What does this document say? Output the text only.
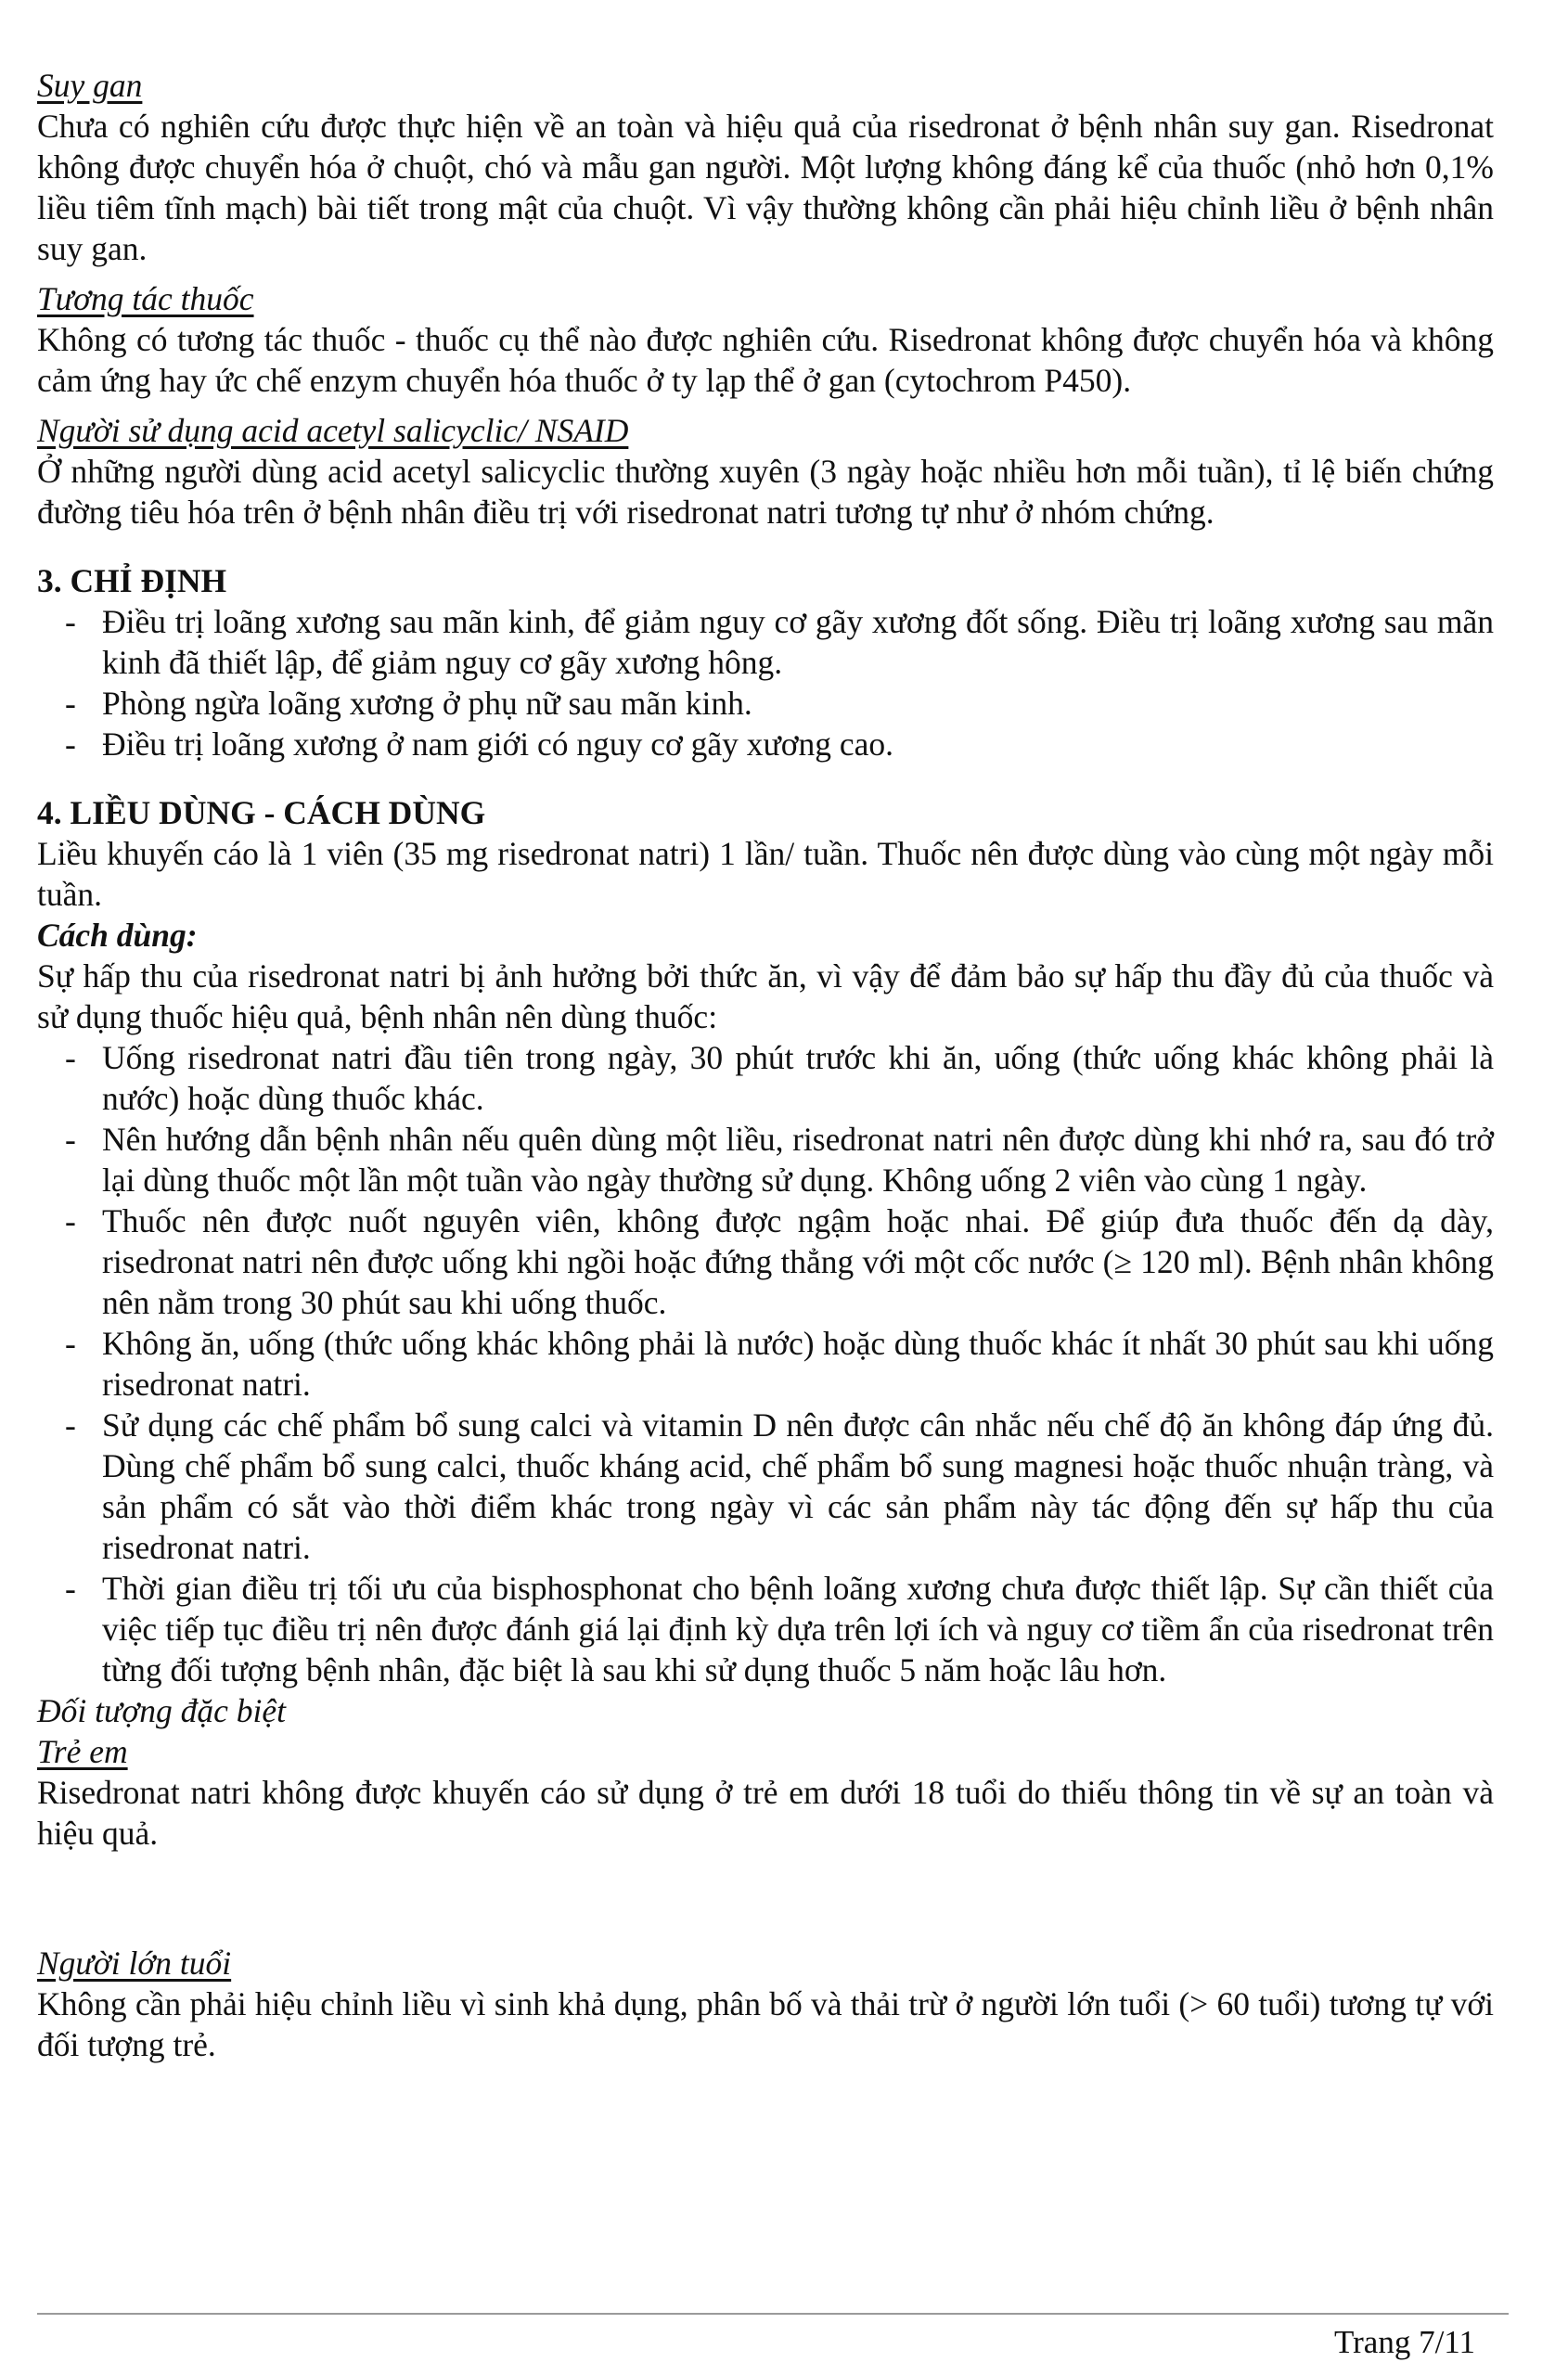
Suy gan

Chưa có nghiên cứu được thực hiện về an toàn và hiệu quả của risedronat ở bệnh nhân suy gan. Risedronat không được chuyển hóa ở chuột, chó và mẫu gan người. Một lượng không đáng kể của thuốc (nhỏ hơn 0,1% liều tiêm tĩnh mạch) bài tiết trong mật của chuột. Vì vậy thường không cần phải hiệu chỉnh liều ở bệnh nhân suy gan.

Tương tác thuốc

Không có tương tác thuốc - thuốc cụ thể nào được nghiên cứu. Risedronat không được chuyển hóa và không cảm ứng hay ức chế enzym chuyển hóa thuốc ở ty lạp thể ở gan (cytochrom P450).

Người sử dụng acid acetyl salicyclic/ NSAID

Ở những người dùng acid acetyl salicyclic thường xuyên (3 ngày hoặc nhiều hơn mỗi tuần), tỉ lệ biến chứng đường tiêu hóa trên ở bệnh nhân điều trị với risedronat natri tương tự như ở nhóm chứng.

3. CHỈ ĐỊNH

- Điều trị loãng xương sau mãn kinh, để giảm nguy cơ gãy xương đốt sống. Điều trị loãng xương sau mãn kinh đã thiết lập, để giảm nguy cơ gãy xương hông.
- Phòng ngừa loãng xương ở phụ nữ sau mãn kinh.
- Điều trị loãng xương ở nam giới có nguy cơ gãy xương cao.

4. LIỀU DÙNG - CÁCH DÙNG

Liều khuyến cáo là 1 viên (35 mg risedronat natri) 1 lần/ tuần. Thuốc nên được dùng vào cùng một ngày mỗi tuần.

Cách dùng:

Sự hấp thu của risedronat natri bị ảnh hưởng bởi thức ăn, vì vậy để đảm bảo sự hấp thu đầy đủ của thuốc và sử dụng thuốc hiệu quả, bệnh nhân nên dùng thuốc:

- Uống risedronat natri đầu tiên trong ngày, 30 phút trước khi ăn, uống (thức uống khác không phải là nước) hoặc dùng thuốc khác.
- Nên hướng dẫn bệnh nhân nếu quên dùng một liều, risedronat natri nên được dùng khi nhớ ra, sau đó trở lại dùng thuốc một lần một tuần vào ngày thường sử dụng. Không uống 2 viên vào cùng 1 ngày.
- Thuốc nên được nuốt nguyên viên, không được ngậm hoặc nhai. Để giúp đưa thuốc đến dạ dày, risedronat natri nên được uống khi ngồi hoặc đứng thẳng với một cốc nước (≥ 120 ml). Bệnh nhân không nên nằm trong 30 phút sau khi uống thuốc.
- Không ăn, uống (thức uống khác không phải là nước) hoặc dùng thuốc khác ít nhất 30 phút sau khi uống risedronat natri.
- Sử dụng các chế phẩm bổ sung calci và vitamin D nên được cân nhắc nếu chế độ ăn không đáp ứng đủ. Dùng chế phẩm bổ sung calci, thuốc kháng acid, chế phẩm bổ sung magnesi hoặc thuốc nhuận tràng, và sản phẩm có sắt vào thời điểm khác trong ngày vì các sản phẩm này tác động đến sự hấp thu của risedronat natri.
- Thời gian điều trị tối ưu của bisphosphonat cho bệnh loãng xương chưa được thiết lập. Sự cần thiết của việc tiếp tục điều trị nên được đánh giá lại định kỳ dựa trên lợi ích và nguy cơ tiềm ẩn của risedronat trên từng đối tượng bệnh nhân, đặc biệt là sau khi sử dụng thuốc 5 năm hoặc lâu hơn.

Đối tượng đặc biệt

Trẻ em

Risedronat natri không được khuyến cáo sử dụng ở trẻ em dưới 18 tuổi do thiếu thông tin về sự an toàn và hiệu quả.

Người lớn tuổi

Không cần phải hiệu chỉnh liều vì sinh khả dụng, phân bố và thải trừ ở người lớn tuổi (> 60 tuổi) tương tự với đối tượng trẻ.

Trang 7/11
